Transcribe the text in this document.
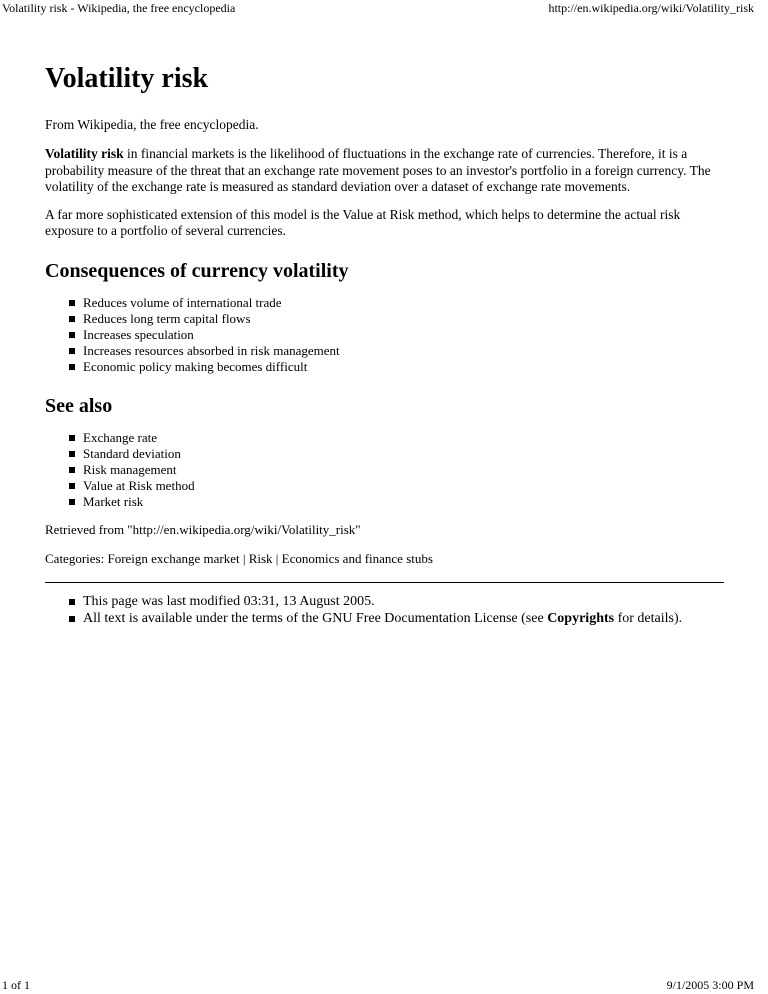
Volatility risk - Wikipedia, the free encyclopedia	http://en.wikipedia.org/wiki/Volatility_risk
Volatility risk
From Wikipedia, the free encyclopedia.

Volatility risk in financial markets is the likelihood of fluctuations in the exchange rate of currencies. Therefore, it is a probability measure of the threat that an exchange rate movement poses to an investor's portfolio in a foreign currency. The volatility of the exchange rate is measured as standard deviation over a dataset of exchange rate movements.

A far more sophisticated extension of this model is the Value at Risk method, which helps to determine the actual risk exposure to a portfolio of several currencies.

Consequences of currency volatility
Reduces volume of international trade
Reduces long term capital flows
Increases speculation
Increases resources absorbed in risk management
Economic policy making becomes difficult
See also
Exchange rate
Standard deviation
Risk management
Value at Risk method
Market risk
Retrieved from "http://en.wikipedia.org/wiki/Volatility_risk"
Categories: Foreign exchange market | Risk | Economics and finance stubs
This page was last modified 03:31, 13 August 2005.
All text is available under the terms of the GNU Free Documentation License (see Copyrights for details).
1 of 1	9/1/2005 3:00 PM
